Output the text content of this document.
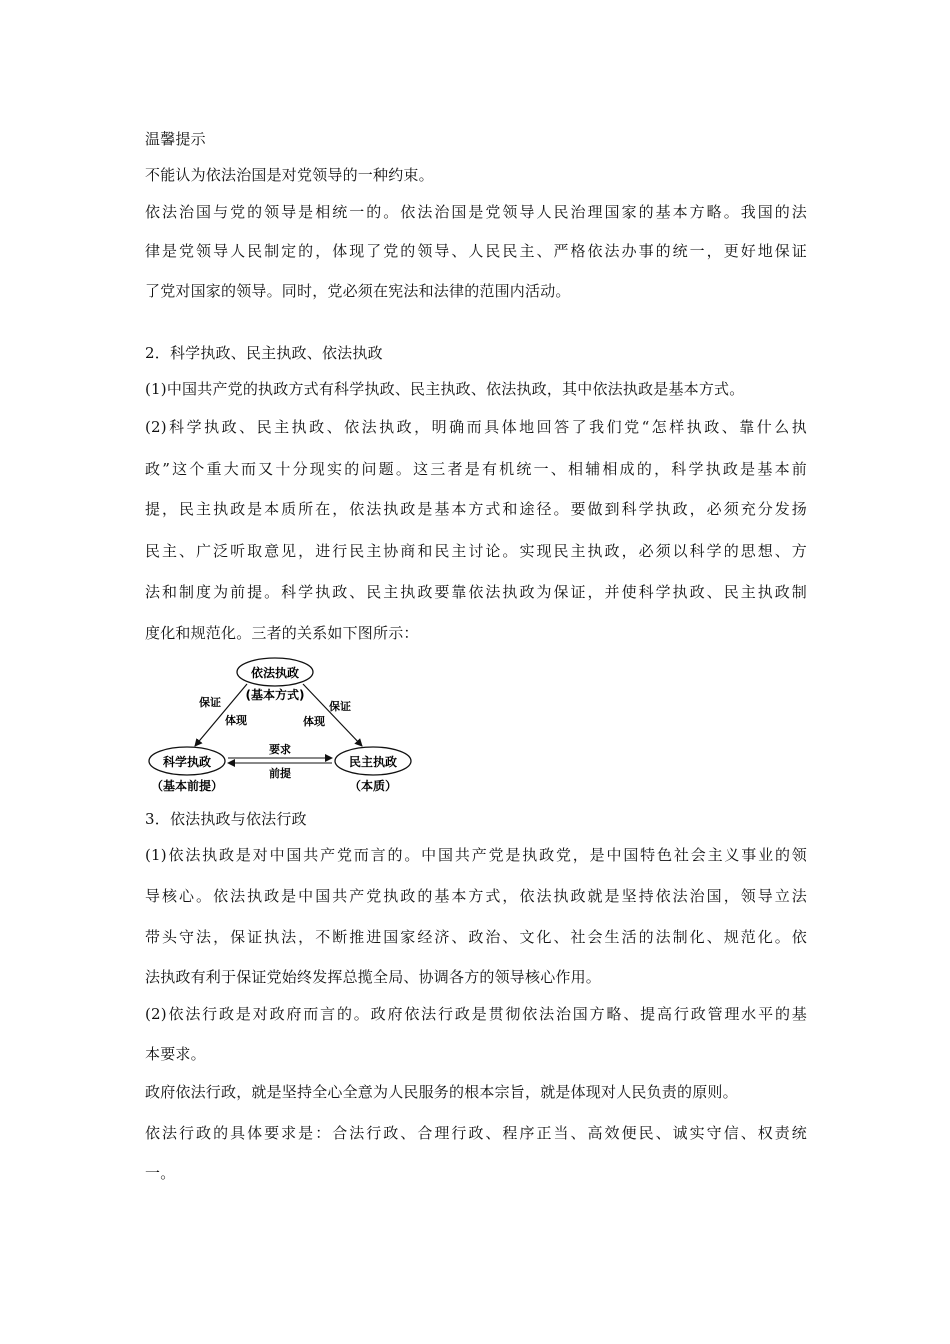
温馨提示
不能认为依法治国是对党领导的一种约束。
依法治国与党的领导是相统一的。依法治国是党领导人民治理国家的基本方略。我国的法
律是党领导人民制定的，体现了党的领导、人民民主、严格依法办事的统一，更好地保证
了党对国家的领导。同时，党必须在宪法和法律的范围内活动。
2．科学执政、民主执政、依法执政
(1)中国共产党的执政方式有科学执政、民主执政、依法执政，其中依法执政是基本方式。
(2)科学执政、民主执政、依法执政，明确而具体地回答了我们党“怎样执政、靠什么执
政”这个重大而又十分现实的问题。这三者是有机统一、相辅相成的，科学执政是基本前
提，民主执政是本质所在，依法执政是基本方式和途径。要做到科学执政，必须充分发扬
民主、广泛听取意见，进行民主协商和民主讨论。实现民主执政，必须以科学的思想、方
法和制度为前提。科学执政、民主执政要靠依法执政为保证，并使科学执政、民主执政制
度化和规范化。三者的关系如下图所示：
依法执政
(基本方式)
科学执政
（基本前提）
民主执政
（本质）
保证
体现
保证
体现
要求
前提
3．依法执政与依法行政
(1)依法执政是对中国共产党而言的。中国共产党是执政党，是中国特色社会主义事业的领
导核心。依法执政是中国共产党执政的基本方式，依法执政就是坚持依法治国，领导立法
带头守法，保证执法，不断推进国家经济、政治、文化、社会生活的法制化、规范化。依
法执政有利于保证党始终发挥总揽全局、协调各方的领导核心作用。
(2)依法行政是对政府而言的。政府依法行政是贯彻依法治国方略、提高行政管理水平的基
本要求。
政府依法行政，就是坚持全心全意为人民服务的根本宗旨，就是体现对人民负责的原则。
依法行政的具体要求是：合法行政、合理行政、程序正当、高效便民、诚实守信、权责统
一。
